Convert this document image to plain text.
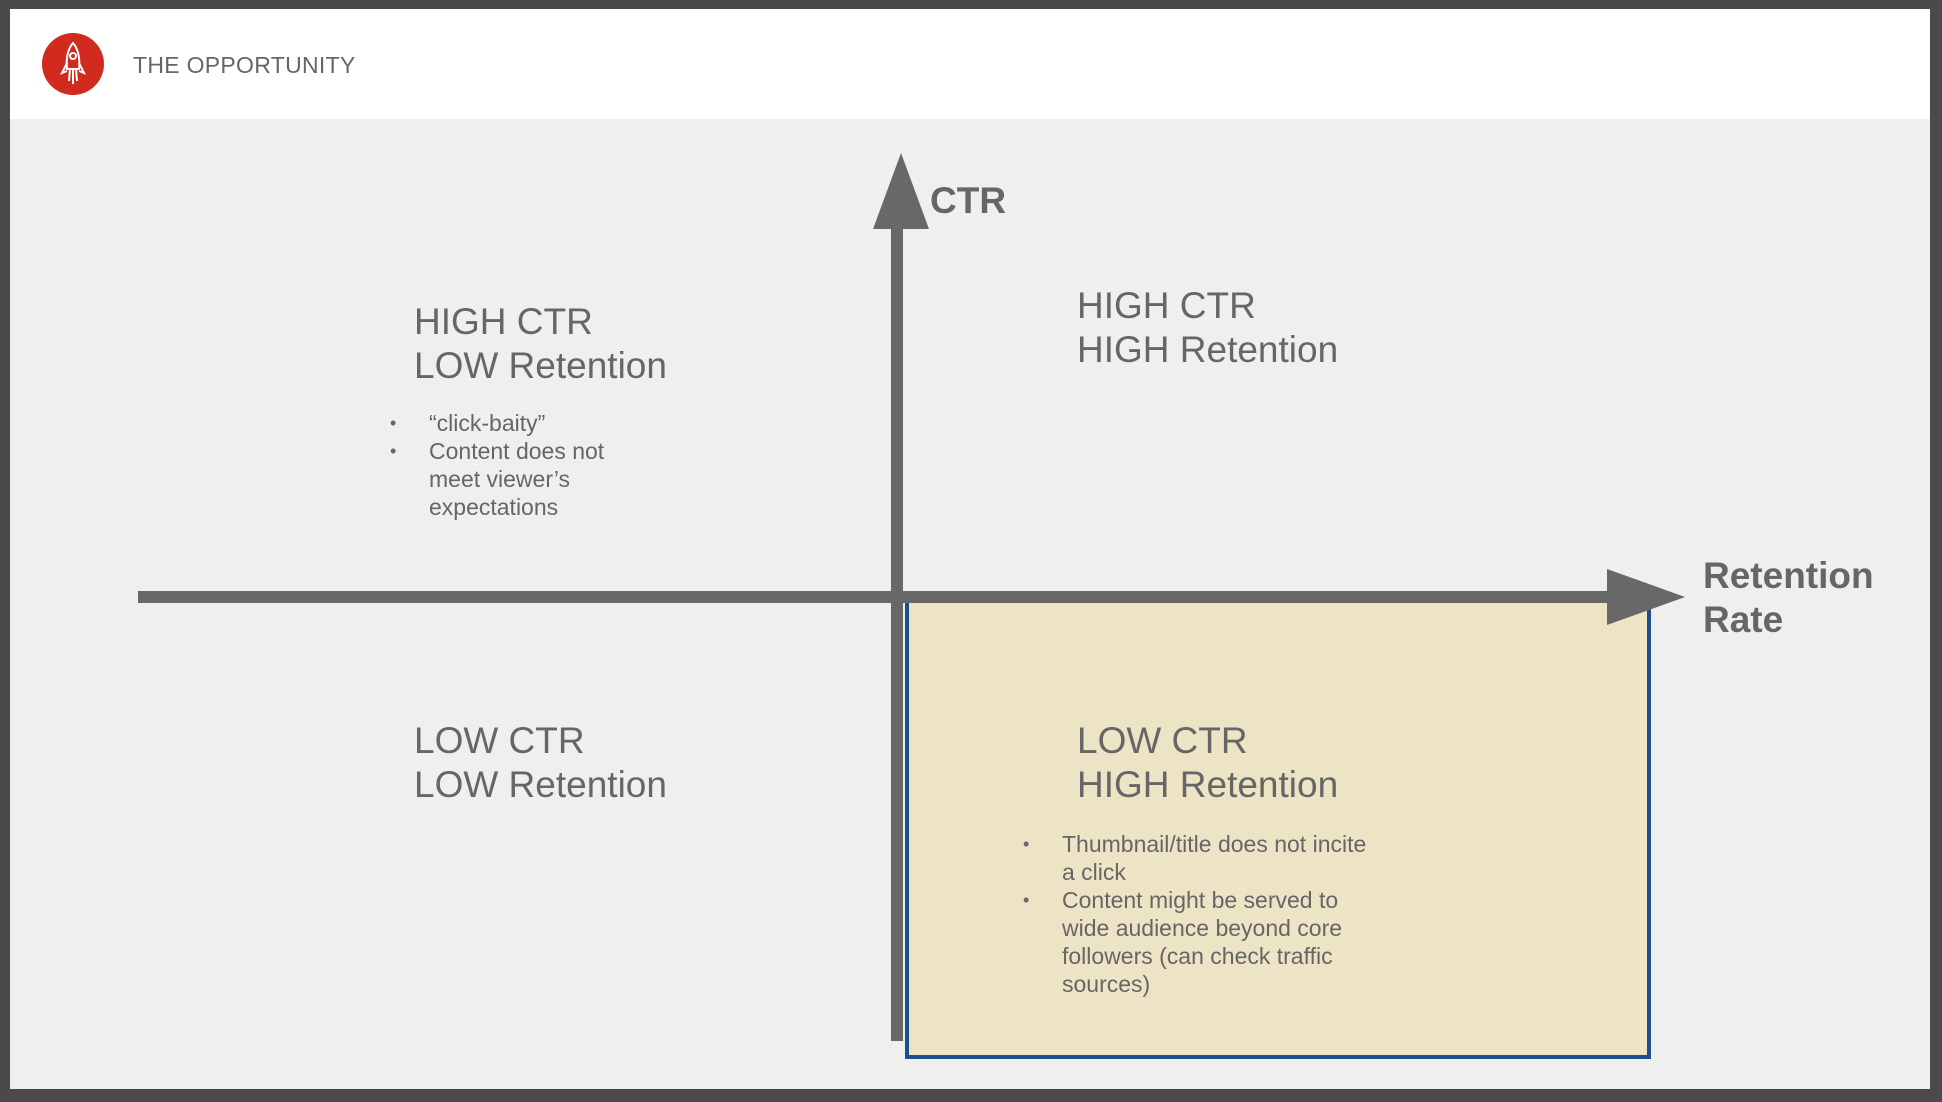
THE OPPORTUNITY
CTR
Retention
Rate
HIGH CTR
LOW Retention
• “click-baity”
• Content does not meet viewer’s expectations
HIGH CTR
HIGH Retention
LOW CTR
LOW Retention
LOW CTR
HIGH Retention
• Thumbnail/title does not incite a click
• Content might be served to wide audience beyond core followers (can check traffic sources)
